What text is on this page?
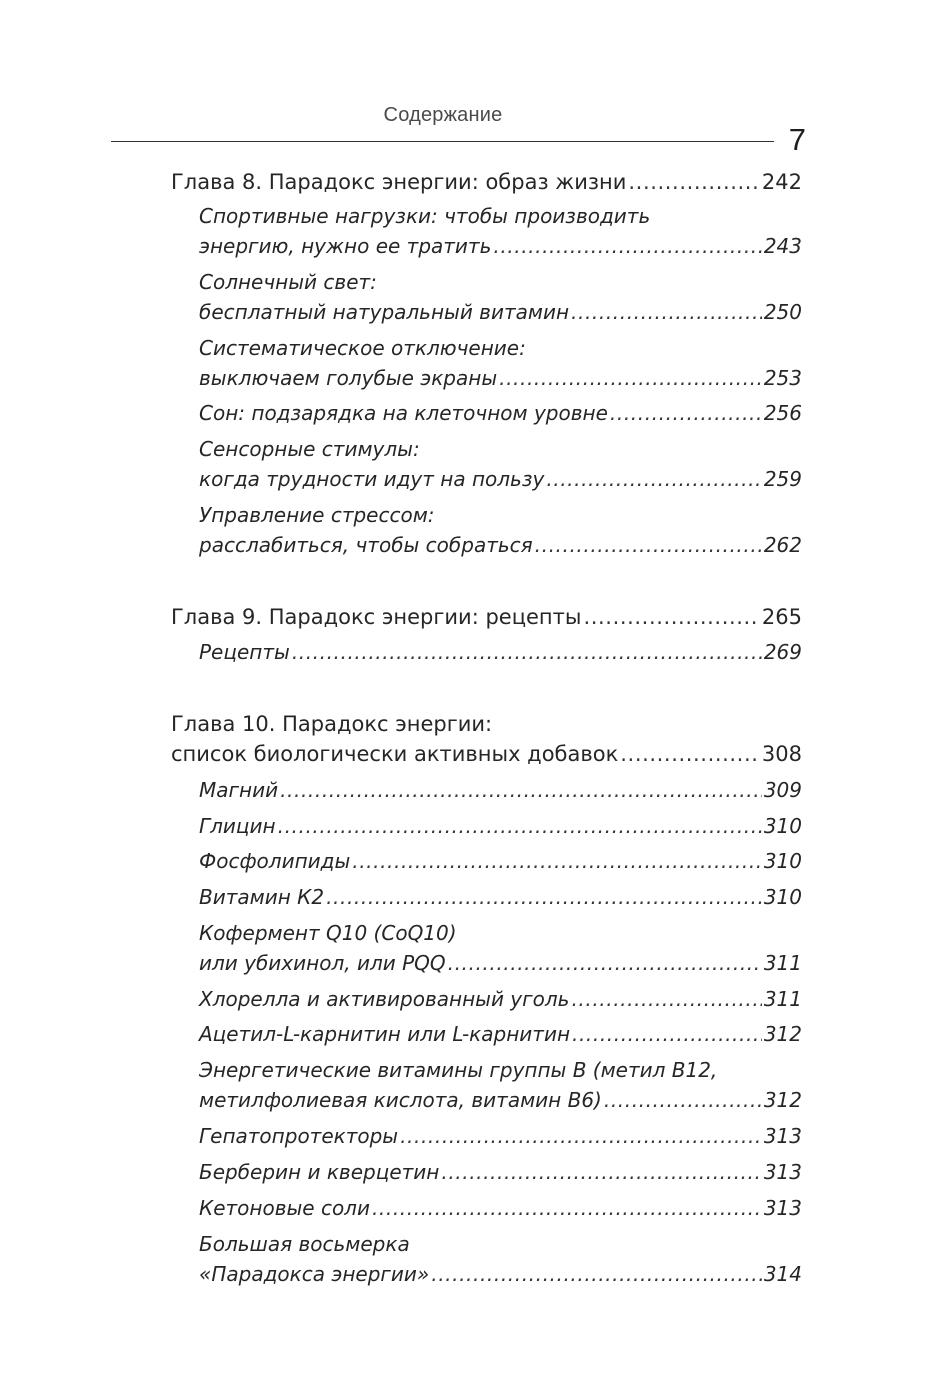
Содержание
7
Глава 8. Парадокс энергии: образ жизни .....	242
Спортивные нагрузки: чтобы производить
энергию, нужно ее тратить .....	243
Солнечный свет:
бесплатный натуральный витамин .....	250
Систематическое отключение:
выключаем голубые экраны .....	253
Сон: подзарядка на клеточном уровне .....	256
Сенсорные стимулы:
когда трудности идут на пользу .....	259
Управление стрессом:
расслабиться, чтобы собраться .....	262
Глава 9. Парадокс энергии: рецепты .....	265
Рецепты .....	269
Глава 10. Парадокс энергии:
список биологически активных добавок .....	308
Магний .....	309
Глицин .....	310
Фосфолипиды .....	310
Витамин К2 .....	310
Кофермент Q10 (CoQ10)
или убихинол, или PQQ .....	311
Хлорелла и активированный уголь .....	311
Ацетил-L-карнитин или L-карнитин .....	312
Энергетические витамины группы В (метил В12,
метилфолиевая кислота, витамин В6) .....	312
Гепатопротекторы .....	313
Берберин и кверцетин .....	313
Кетоновые соли .....	313
Большая восьмерка
«Парадокса энергии» .....	314
